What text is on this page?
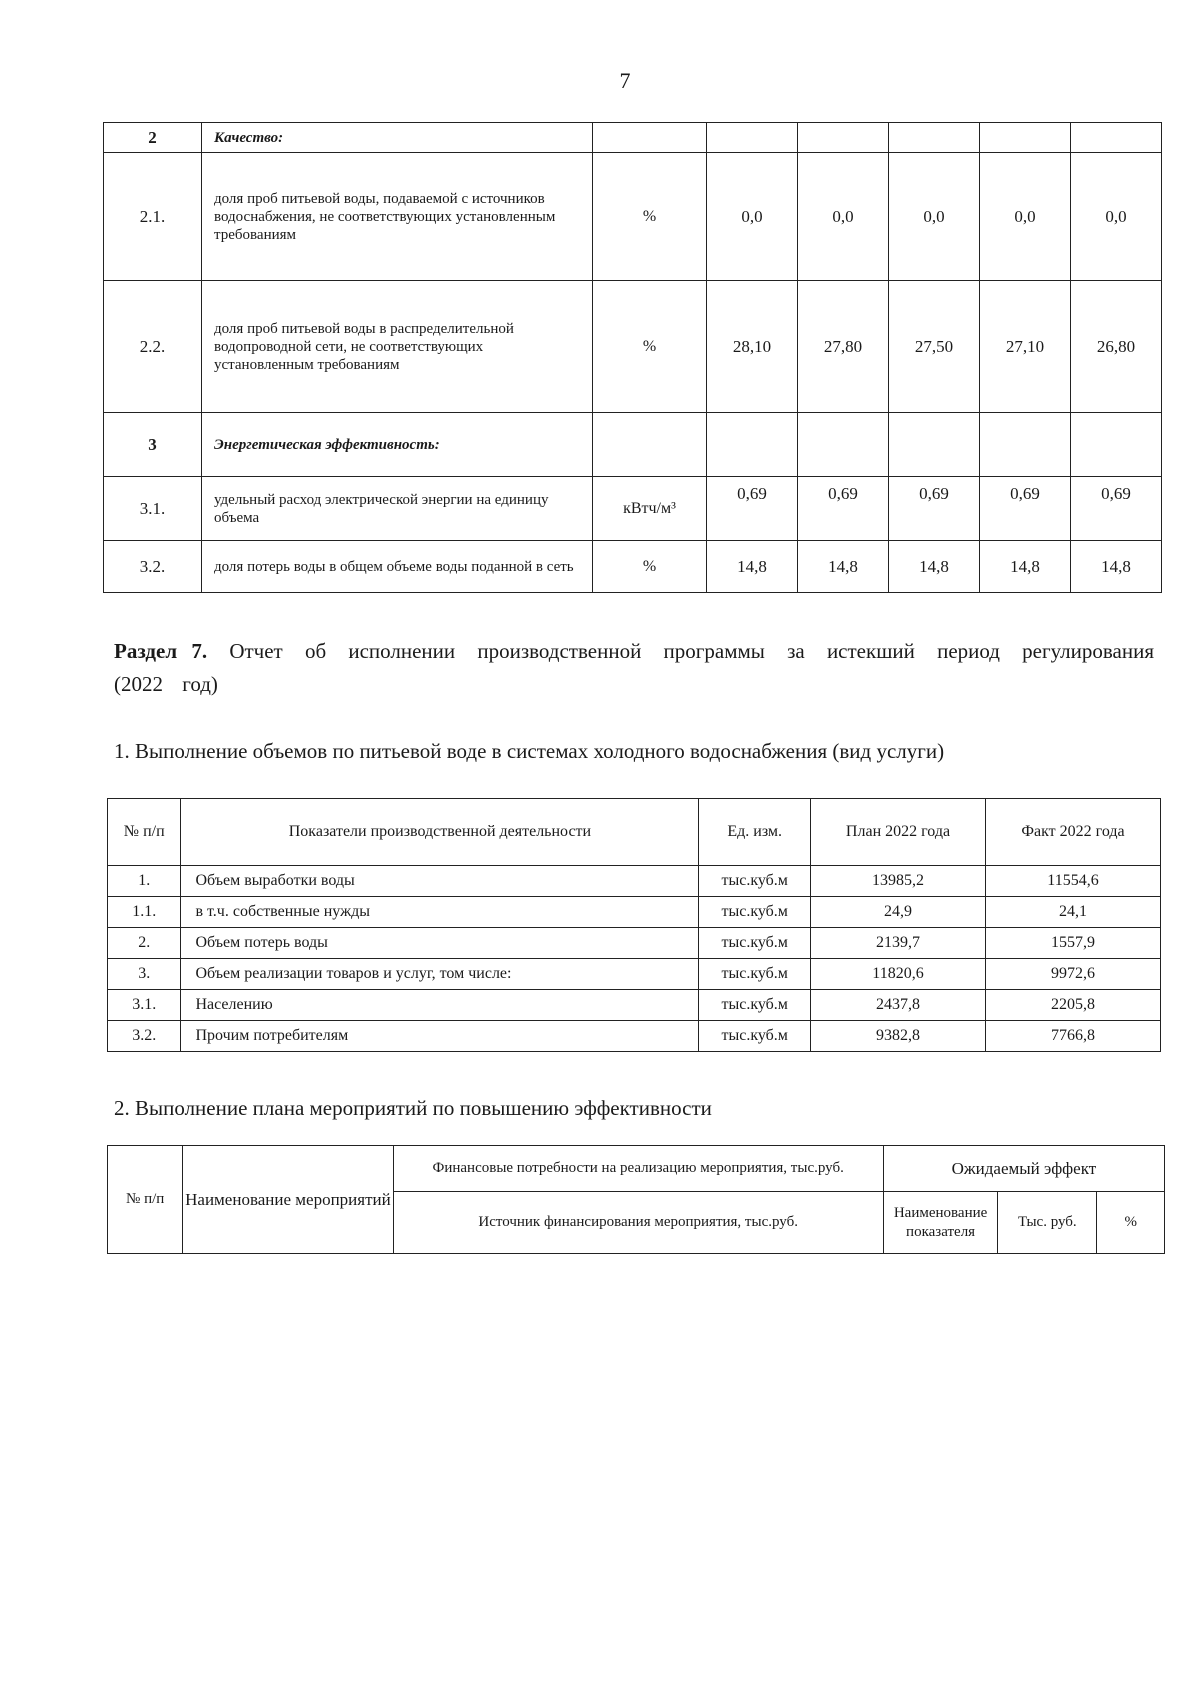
7
2	Качество:						
2.1.	доля проб питьевой воды, подаваемой с источников водоснабжения, не соответствующих установленным требованиям	%	0,0	0,0	0,0	0,0	0,0
2.2.	доля проб питьевой воды в распределительной водопроводной сети, не соответствующих установленным требованиям	%	28,10	27,80	27,50	27,10	26,80
3	Энергетическая эффективность:						
3.1.	удельный расход электрической энергии на единицу объема	кВтч/м³	0,69	0,69	0,69	0,69	0,69
3.2.	доля потерь воды в общем объеме воды поданной в сеть	%	14,8	14,8	14,8	14,8	14,8
Раздел 7. Отчет об исполнении производственной программы за истекший период регулирования (2022 год)
1. Выполнение объемов по питьевой воде в системах холодного водоснабжения (вид услуги)
№ п/п	Показатели производственной деятельности	Ед. изм.	План 2022 года	Факт 2022 года
1.	Объем выработки воды	тыс.куб.м	13985,2	11554,6
1.1.	в т.ч. собственные нужды	тыс.куб.м	24,9	24,1
2.	Объем потерь воды	тыс.куб.м	2139,7	1557,9
3.	Объем реализации товаров и услуг, том числе:	тыс.куб.м	11820,6	9972,6
3.1.	Населению	тыс.куб.м	2437,8	2205,8
3.2.	Прочим потребителям	тыс.куб.м	9382,8	7766,8
2. Выполнение плана мероприятий по повышению эффективности
№ п/п	Наименование мероприятий	Финансовые потребности на реализацию мероприятия, тыс.руб.	Ожидаемый эффект		
		Источник финансирования мероприятия, тыс.руб.	Наименование показателя	Тыс. руб.	%
